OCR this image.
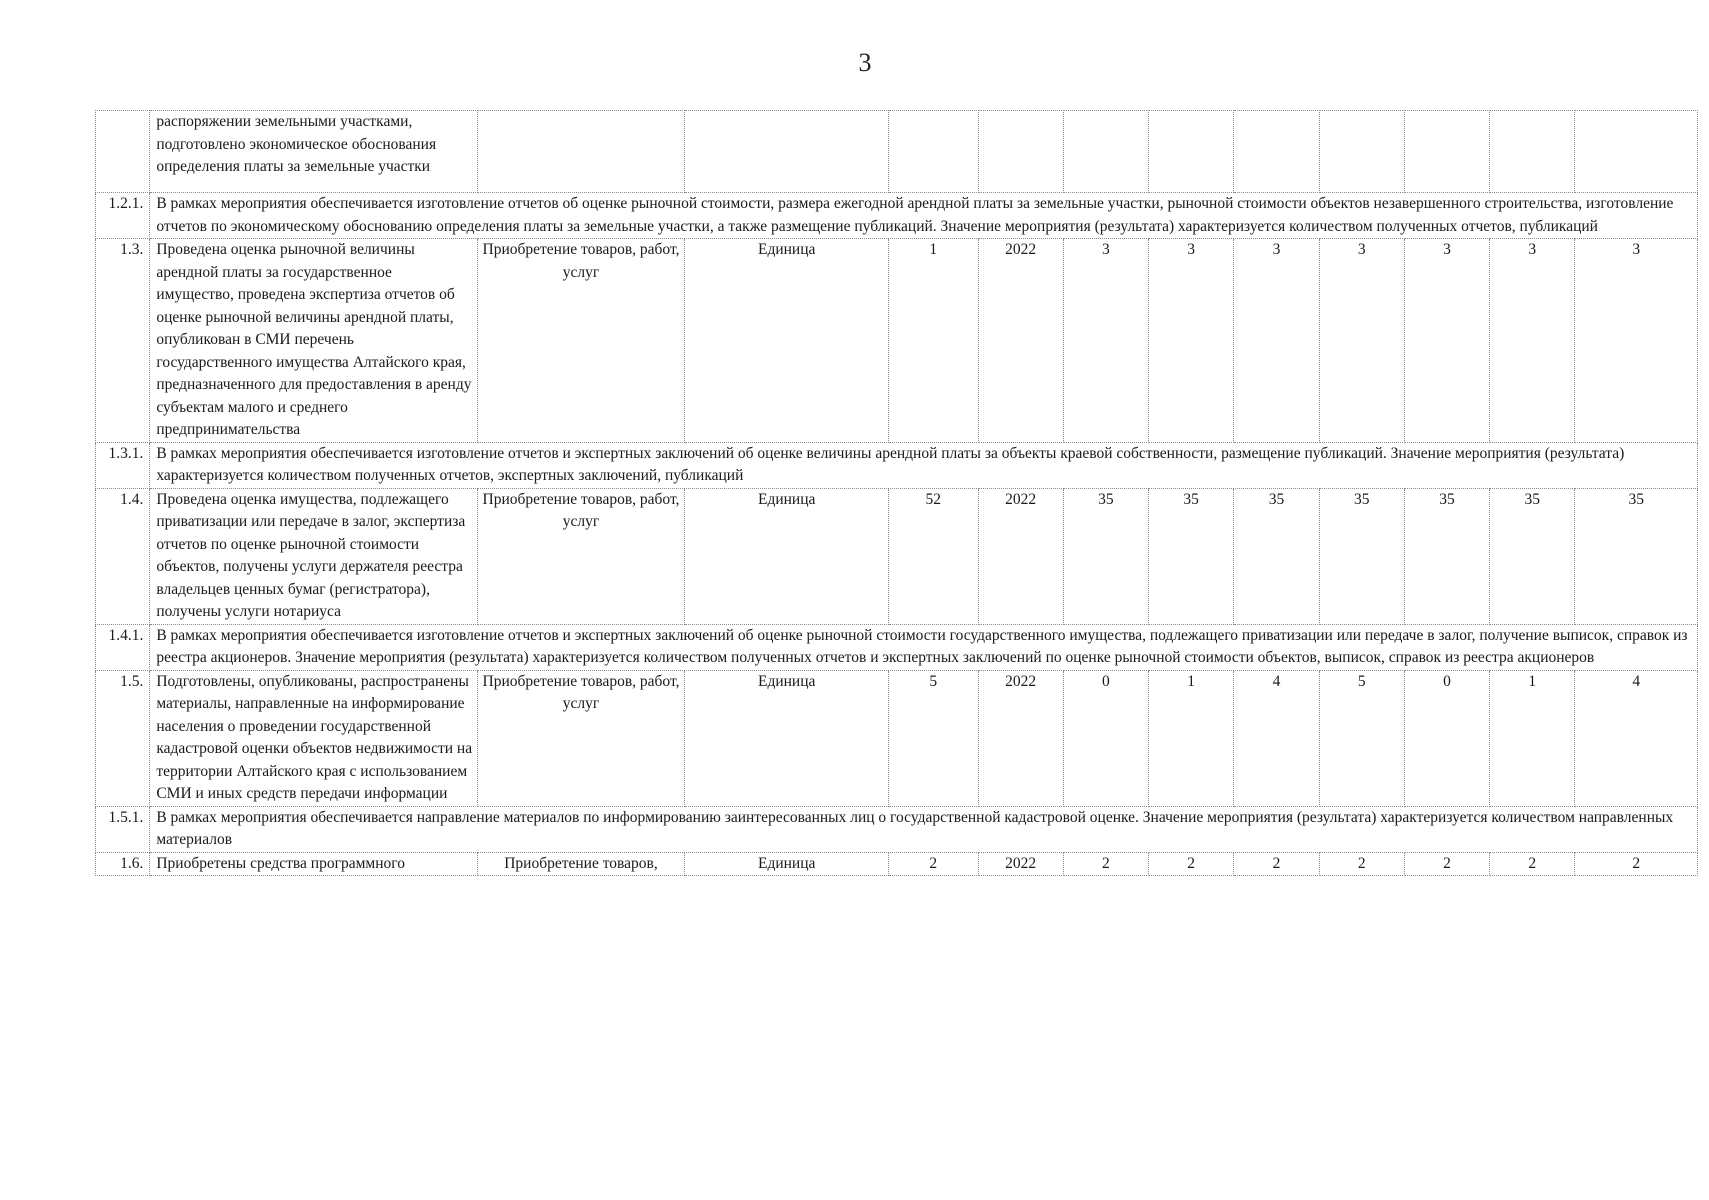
3
	распоряжении земельными участками, подготовлено экономическое обоснования определения платы за земельные участки											
1.2.1.	В рамках мероприятия обеспечивается изготовление отчетов об оценке рыночной стоимости, размера ежегодной арендной платы за земельные участки, рыночной стоимости объектов незавершенного строительства, изготовление отчетов по экономическому обоснованию определения платы за земельные участки, а также размещение публикаций. Значение мероприятия (результата) характеризуется количеством полученных отчетов, публикаций											
1.3.	Проведена оценка рыночной величины арендной платы за государственное имущество, проведена экспертиза отчетов об оценке рыночной величины арендной платы, опубликован в СМИ перечень государственного имущества Алтайского края, предназначенного для предоставления в аренду субъектам малого и среднего предпринимательства	Приобретение товаров, работ, услуг	Единица	1	2022	3	3	3	3	3	3	3
1.3.1.	В рамках мероприятия обеспечивается изготовление отчетов и экспертных заключений об оценке величины арендной платы за объекты краевой собственности, размещение публикаций. Значение мероприятия (результата) характеризуется количеством полученных отчетов, экспертных заключений, публикаций											
1.4.	Проведена оценка имущества, подлежащего приватизации или передаче в залог, экспертиза отчетов по оценке рыночной стоимости объектов, получены услуги держателя реестра владельцев ценных бумаг (регистратора), получены услуги нотариуса	Приобретение товаров, работ, услуг	Единица	52	2022	35	35	35	35	35	35	35
1.4.1.	В рамках мероприятия обеспечивается изготовление отчетов и экспертных заключений об оценке рыночной стоимости государственного имущества, подлежащего приватизации или передаче в залог, получение выписок, справок из реестра акционеров. Значение мероприятия (результата) характеризуется количеством полученных отчетов и экспертных заключений по оценке рыночной стоимости объектов, выписок, справок из реестра акционеров											
1.5.	Подготовлены, опубликованы, распространены материалы, направленные на информирование населения о проведении государственной кадастровой оценки объектов недвижимости на территории Алтайского края с использованием СМИ и иных средств передачи информации	Приобретение товаров, работ, услуг	Единица	5	2022	0	1	4	5	0	1	4
1.5.1.	В рамках мероприятия обеспечивается направление материалов по информированию заинтересованных лиц о государственной кадастровой оценке. Значение мероприятия (результата) характеризуется количеством направленных материалов											
1.6.	Приобретены средства программного	Приобретение товаров,	Единица	2	2022	2	2	2	2	2	2	2
